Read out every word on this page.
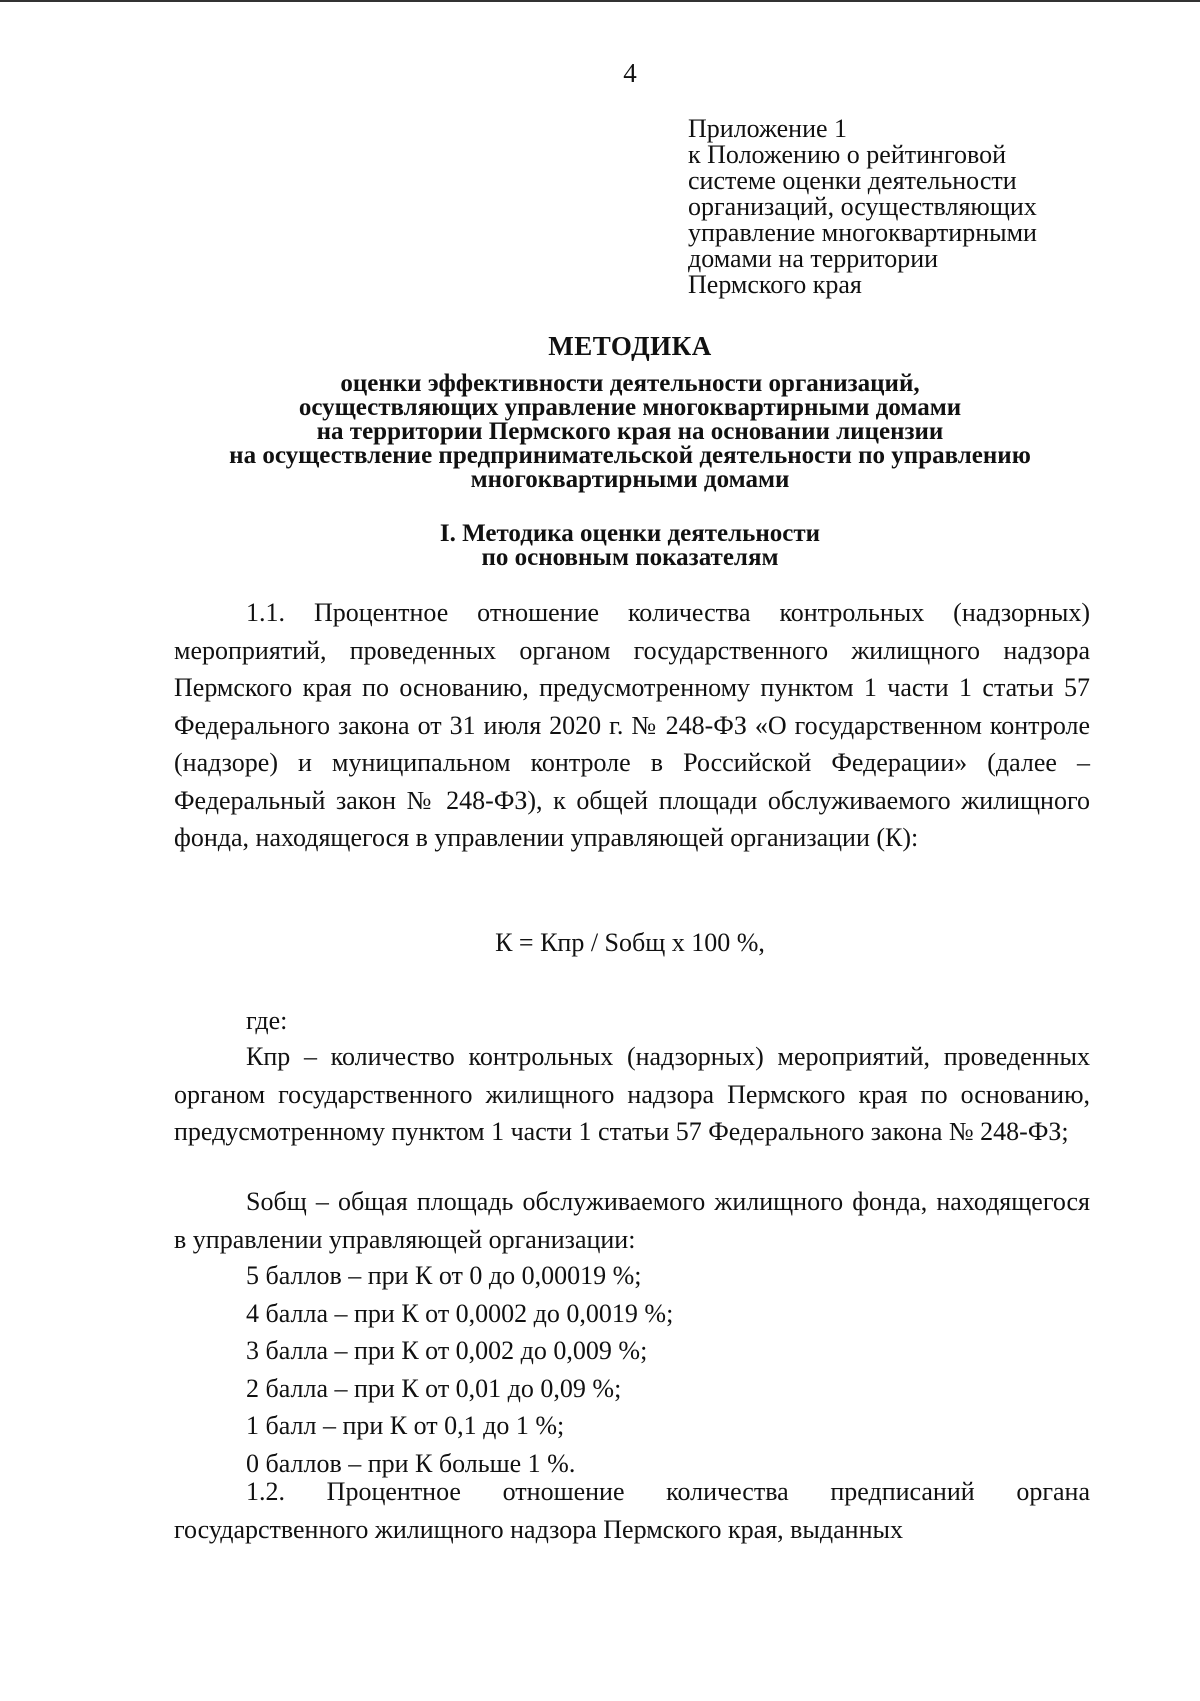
4
Приложение 1
к Положению о рейтинговой
системе оценки деятельности
организаций, осуществляющих
управление многоквартирными
домами на территории
Пермского края
МЕТОДИКА
оценки эффективности деятельности организаций,
осуществляющих управление многоквартирными домами
на территории Пермского края на основании лицензии
на осуществление предпринимательской деятельности по управлению
многоквартирными домами
I. Методика оценки деятельности
по основным показателям

1.1. Процентное отношение количества контрольных (надзорных) мероприятий, проведенных органом государственного жилищного надзора Пермского края по основанию, предусмотренному пунктом 1 части 1 статьи 57 Федерального закона от 31 июля 2020 г. № 248-ФЗ «О государственном контроле (надзоре) и муниципальном контроле в Российской Федерации» (далее – Федеральный закон № 248-ФЗ), к общей площади обслуживаемого жилищного фонда, находящегося в управлении управляющей организации (К):

К = Кпр / Sобщ х 100 %,

где:

Кпр – количество контрольных (надзорных) мероприятий, проведенных органом государственного жилищного надзора Пермского края по основанию, предусмотренному пунктом 1 части 1 статьи 57 Федерального закона № 248-ФЗ;

Sобщ – общая площадь обслуживаемого жилищного фонда, находящегося в управлении управляющей организации:

5 баллов – при К от 0 до 0,00019 %;
4 балла – при К от 0,0002 до 0,0019 %;
3 балла – при К от 0,002 до 0,009 %;
2 балла – при К от 0,01 до 0,09 %;
1 балл – при К от 0,1 до 1 %;
0 баллов – при К больше 1 %.

1.2. Процентное отношение количества предписаний органа государственного жилищного надзора Пермского края, выданных
